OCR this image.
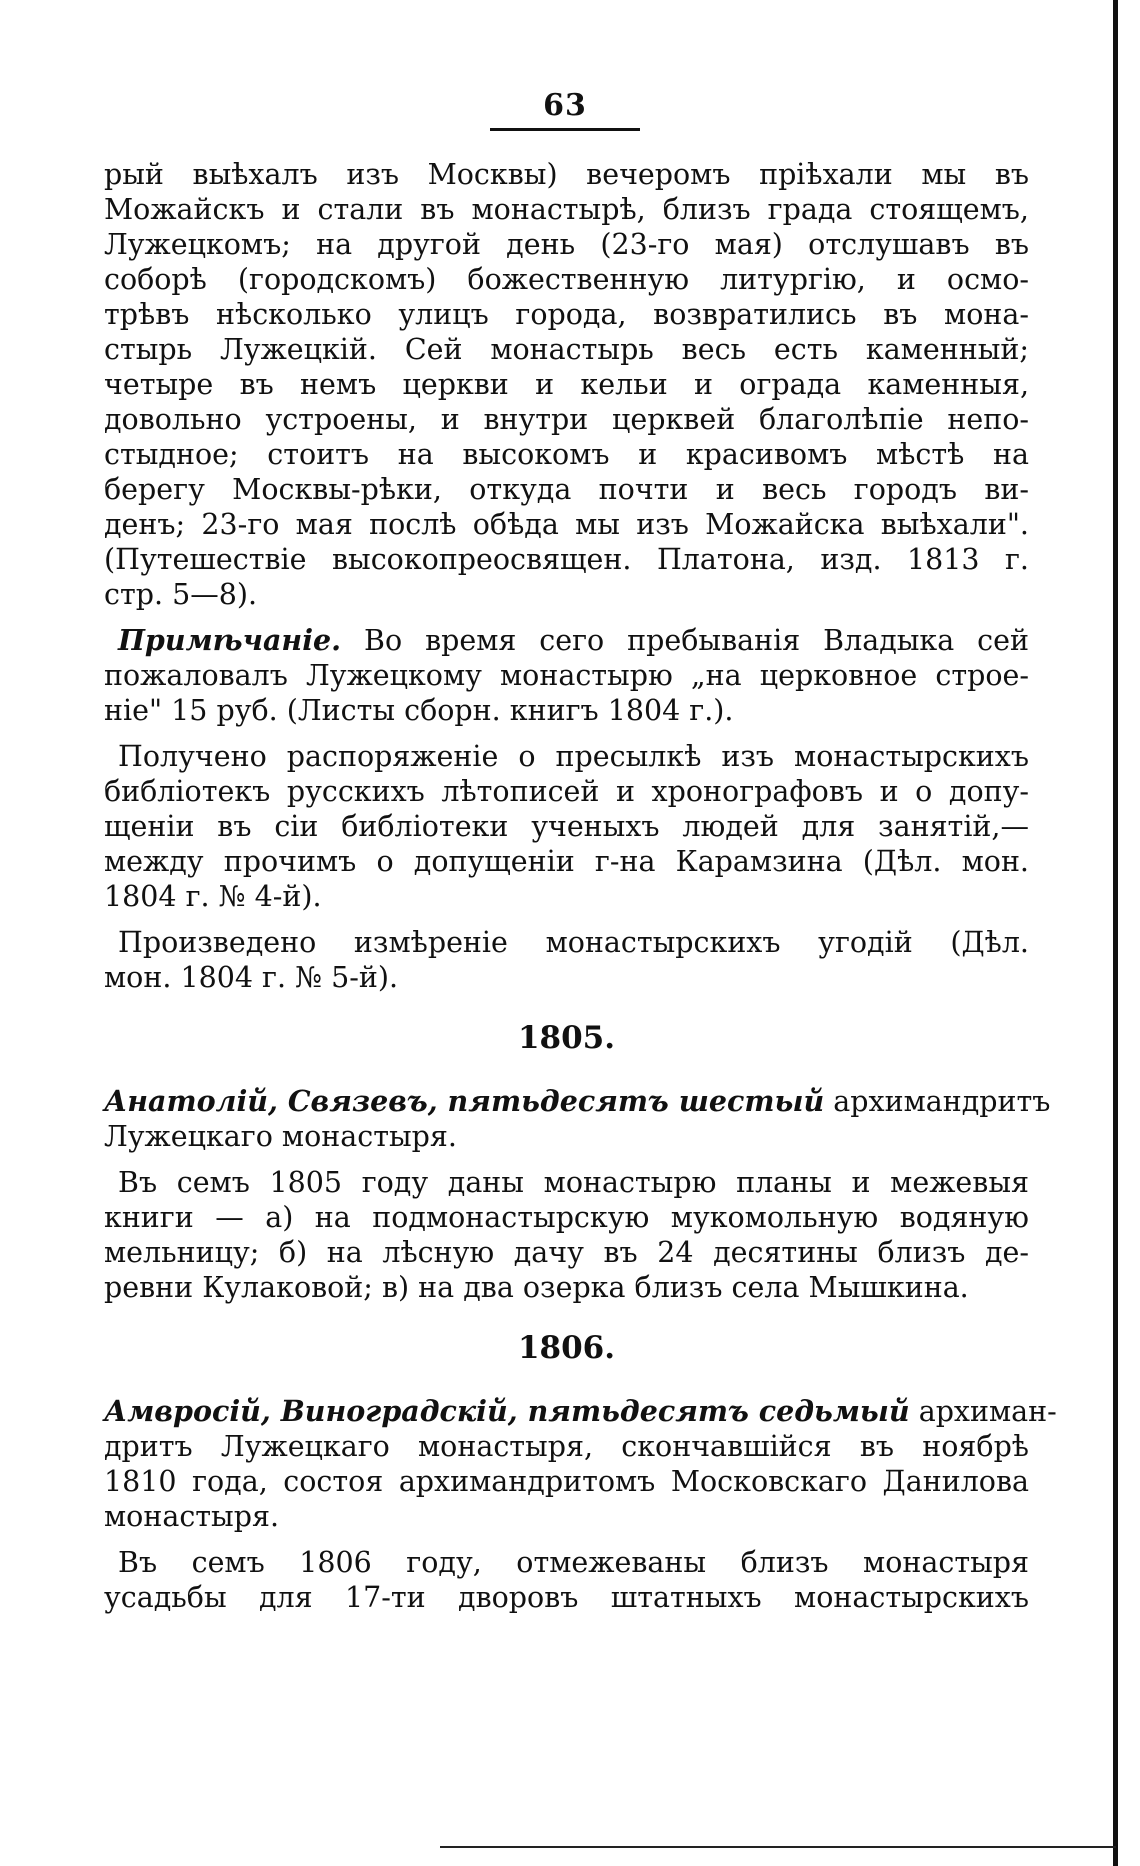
63
рый выѣхалъ изъ Москвы) вечеромъ пріѣхали мы въ
Можайскъ и стали въ монастырѣ, близъ града стоящемъ,
Лужецкомъ; на другой день (23-го мая) отслушавъ въ
соборѣ (городскомъ) божественную литургію, и осмо-
трѣвъ нѣсколько улицъ города, возвратились въ мона-
стырь Лужецкій. Сей монастырь весь есть каменный;
четыре въ немъ церкви и кельи и ограда каменныя,
довольно устроены, и внутри церквей благолѣпіе непо-
стыдное; стоитъ на высокомъ и красивомъ мѣстѣ на
берегу Москвы-рѣки, откуда почти и весь городъ ви-
денъ; 23-го мая послѣ обѣда мы изъ Можайска выѣхали".
(Путешествіе высокопреосвящен. Платона, изд. 1813 г.
стр. 5—8).
Примѣчаніе. Во время сего пребыванія Владыка сей
пожаловалъ Лужецкому монастырю „на церковное строе-
ніе" 15 руб. (Листы сборн. книгъ 1804 г.).
Получено распоряженіе о пресылкѣ изъ монастырскихъ
библіотекъ русскихъ лѣтописей и хронографовъ и о допу-
щеніи въ сіи библіотеки ученыхъ людей для занятій,—
между прочимъ о допущеніи г-на Карамзина (Дѣл. мон.
1804 г. № 4-й).
Произведено измѣреніе монастырскихъ угодій (Дѣл.
мон. 1804 г. № 5-й).
1805.
Анатолій, Связевъ, пятьдесятъ шестый архимандритъ
Лужецкаго монастыря.
Въ семъ 1805 году даны монастырю планы и межевыя
книги — а) на подмонастырскую мукомольную водяную
мельницу; б) на лѣсную дачу въ 24 десятины близъ де-
ревни Кулаковой; в) на два озерка близъ села Мышкина.
1806.
Амвросій, Виноградскій, пятьдесятъ седьмый архиман-
дритъ Лужецкаго монастыря, скончавшійся въ ноябрѣ
1810 года, состоя архимандритомъ Московскаго Данилова
монастыря.
Въ семъ 1806 году, отмежеваны близъ монастыря
усадьбы для 17-ти дворовъ штатныхъ монастырскихъ
